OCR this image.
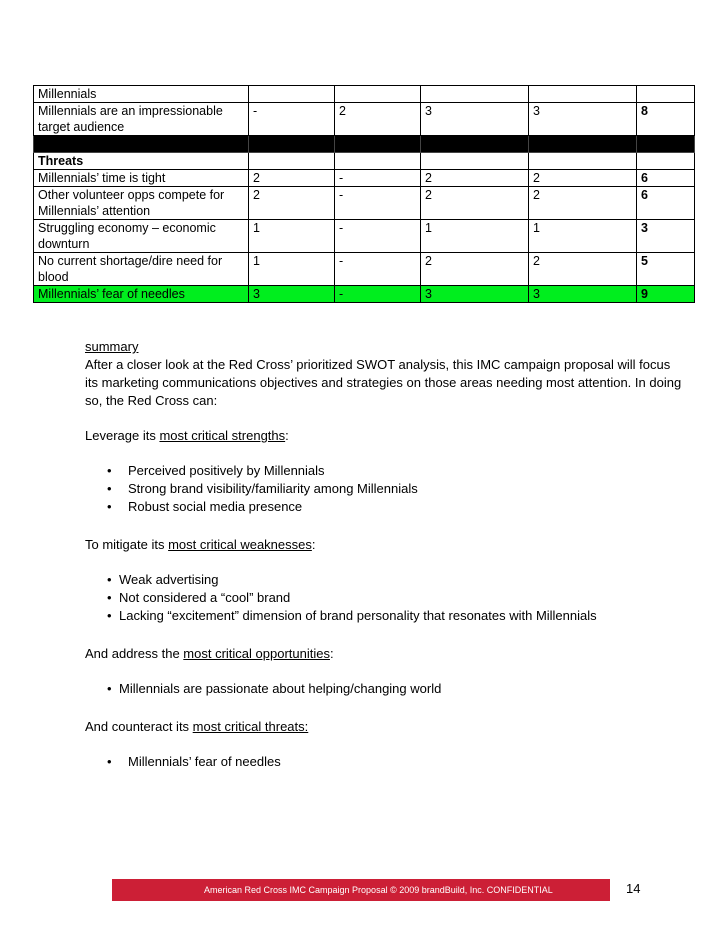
Millennials					
Millennials are an impressionable target audience	-	2	3	3	8

Threats					
Millennials’ time is tight	2	-	2	2	6
Other volunteer opps compete for Millennials’ attention	2	-	2	2	6
Struggling economy – economic downturn	1	-	1	1	3
No current shortage/dire need for blood	1	-	2	2	5
Millennials’ fear of needles	3	-	3	3	9

summary

After a closer look at the Red Cross’ prioritized SWOT analysis, this IMC campaign proposal will focus its marketing communications objectives and strategies on those areas needing most attention. In doing so, the Red Cross can:

Leverage its most critical strengths:

• Perceived positively by Millennials
• Strong brand visibility/familiarity among Millennials
• Robust social media presence

To mitigate its most critical weaknesses:

• Weak advertising
• Not considered a “cool” brand
• Lacking “excitement” dimension of brand personality that resonates with Millennials

And address the most critical opportunities:

• Millennials are passionate about helping/changing world

And counteract its most critical threats:

• Millennials’ fear of needles
American Red Cross IMC Campaign Proposal © 2009 brandBuild, Inc. CONFIDENTIAL	14
